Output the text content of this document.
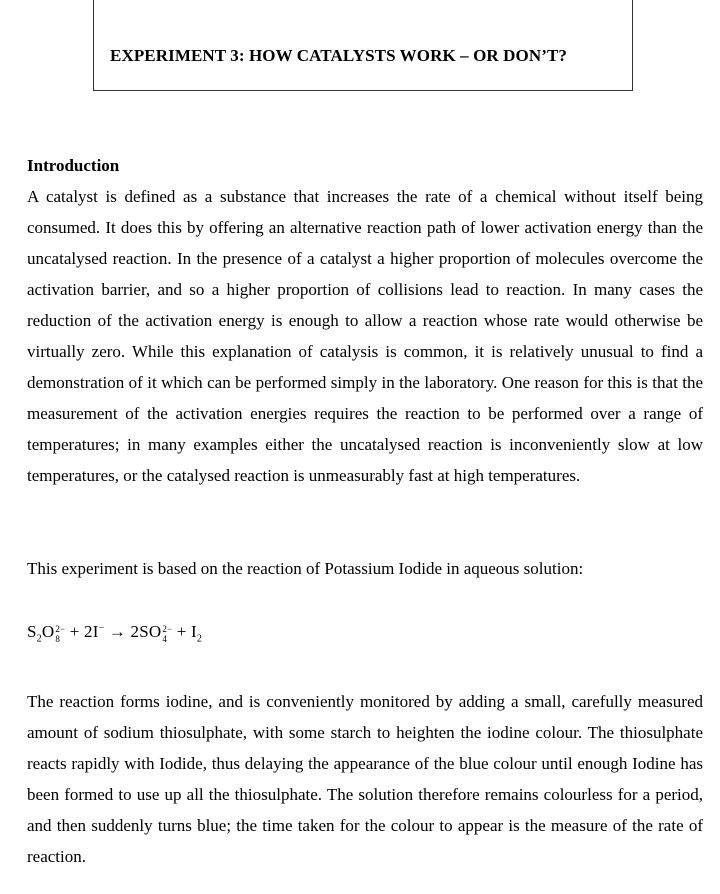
EXPERIMENT 3: HOW CATALYSTS WORK – OR DON’T?
Introduction

A catalyst is defined as a substance that increases the rate of a chemical without itself being consumed. It does this by offering an alternative reaction path of lower activation energy than the uncatalysed reaction. In the presence of a catalyst a higher proportion of molecules overcome the activation barrier, and so a higher proportion of collisions lead to reaction. In many cases the reduction of the activation energy is enough to allow a reaction whose rate would otherwise be virtually zero. While this explanation of catalysis is common, it is relatively unusual to find a demonstration of it which can be performed simply in the laboratory. One reason for this is that the measurement of the activation energies requires the reaction to be performed over a range of temperatures; in many examples either the uncatalysed reaction is inconveniently slow at low temperatures, or the catalysed reaction is unmeasurably fast at high temperatures.

This experiment is based on the reaction of Potassium Iodide in aqueous solution:

$S_2O$ 2−
8 + 2I− → 2SO 2−
$4 + I_2$

The reaction forms iodine, and is conveniently monitored by adding a small, carefully measured amount of sodium thiosulphate, with some starch to heighten the iodine colour. The thiosulphate reacts rapidly with Iodide, thus delaying the appearance of the blue colour until enough Iodine has been formed to use up all the thiosulphate. The solution therefore remains colourless for a period, and then suddenly turns blue; the time taken for the colour to appear is the measure of the rate of reaction.
